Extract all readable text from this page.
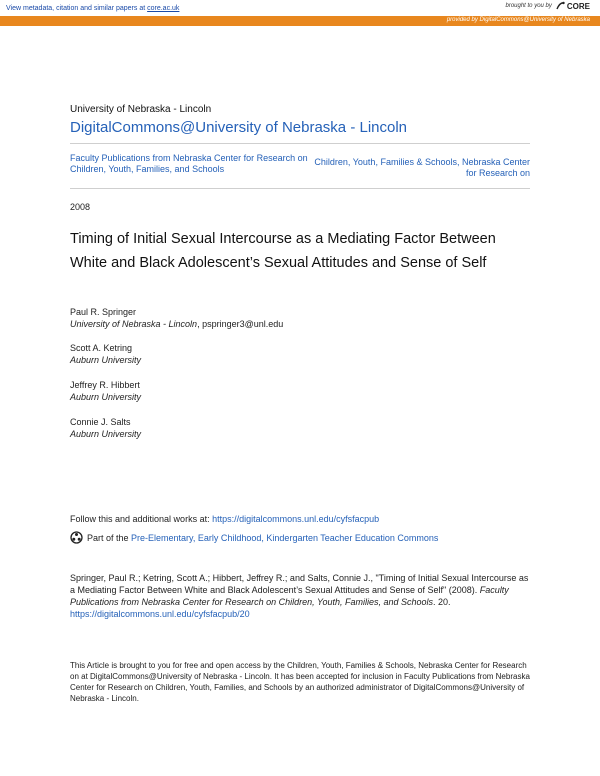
View metadata, citation and similar papers at core.ac.uk	brought to you by CORE
provided by DigitalCommons@University of Nebraska
University of Nebraska - Lincoln
DigitalCommons@University of Nebraska - Lincoln
Faculty Publications from Nebraska Center for Research on Children, Youth, Families, and Schools
Children, Youth, Families & Schools, Nebraska Center for Research on
2008
Timing of Initial Sexual Intercourse as a Mediating Factor Between White and Black Adolescent’s Sexual Attitudes and Sense of Self
Paul R. Springer
University of Nebraska - Lincoln, pspringer3@unl.edu
Scott A. Ketring
Auburn University
Jeffrey R. Hibbert
Auburn University
Connie J. Salts
Auburn University
Follow this and additional works at: https://digitalcommons.unl.edu/cyfsfacpub
Part of the Pre-Elementary, Early Childhood, Kindergarten Teacher Education Commons
Springer, Paul R.; Ketring, Scott A.; Hibbert, Jeffrey R.; and Salts, Connie J., "Timing of Initial Sexual Intercourse as a Mediating Factor Between White and Black Adolescent’s Sexual Attitudes and Sense of Self" (2008). Faculty Publications from Nebraska Center for Research on Children, Youth, Families, and Schools. 20.
https://digitalcommons.unl.edu/cyfsfacpub/20
This Article is brought to you for free and open access by the Children, Youth, Families & Schools, Nebraska Center for Research on at DigitalCommons@University of Nebraska - Lincoln. It has been accepted for inclusion in Faculty Publications from Nebraska Center for Research on Children, Youth, Families, and Schools by an authorized administrator of DigitalCommons@University of Nebraska - Lincoln.
